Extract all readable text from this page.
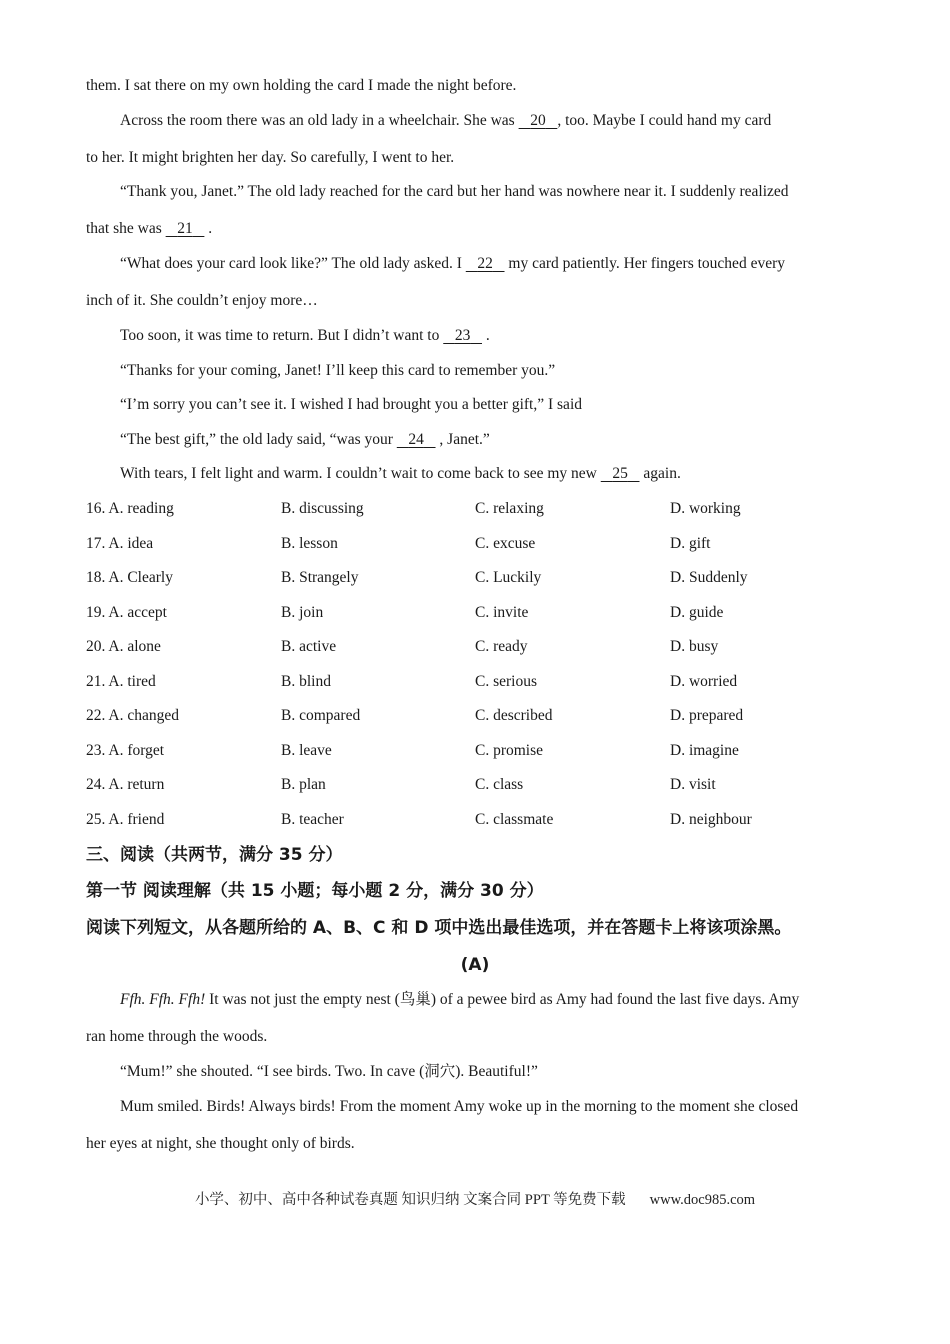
them. I sat there on my own holding the card I made the night before.
Across the room there was an old lady in a wheelchair. She was    20 , too. Maybe I could hand my card
to her. It might brighten her day. So carefully, I went to her.
“Thank you, Janet.” The old lady reached for the card but her hand was nowhere near it. I suddenly realized
that she was    21    .
“What does your card look like?” The old lady asked. I    22    my card patiently. Her fingers touched every
inch of it. She couldn’t enjoy more…
Too soon, it was time to return. But I didn’t want to    23    .
“Thanks for your coming, Janet! I’ll keep this card to remember you.”
“I’m sorry you can’t see it. I wished I had brought you a better gift,” I said
“The best gift,” the old lady said, “was your    24    , Janet.”
With tears, I felt light and warm. I couldn’t wait to come back to see my new    25    again.
16. A. reading	B. discussing	C. relaxing	D. working
17. A. idea	B. lesson	C. excuse	D. gift
18. A. Clearly	B. Strangely	C. Luckily	D. Suddenly
19. A. accept	B. join	C. invite	D. guide
20. A. alone	B. active	C. ready	D. busy
21. A. tired	B. blind	C. serious	D. worried
22. A. changed	B. compared	C. described	D. prepared
23. A. forget	B. leave	C. promise	D. imagine
24. A. return	B. plan	C. class	D. visit
25. A. friend	B. teacher	C. classmate	D. neighbour
三、阅读（共两节，满分 35 分）
第一节 阅读理解（共 15 小题；每小题 2 分，满分 30 分）
阅读下列短文，从各题所给的 A、B、C 和 D 项中选出最佳选项，并在答题卡上将该项涂黑。
(A)
Ffh. Ffh. Ffh! It was not just the empty nest (鸟巢) of a pewee bird as Amy had found the last five days. Amy
ran home through the woods.
“Mum!” she shouted. “I see birds. Two. In cave (洞穴). Beautiful!”
Mum smiled. Birds! Always birds! From the moment Amy woke up in the morning to the moment she closed
her eyes at night, she thought only of birds.
小学、初中、高中各种试卷真题 知识归纳 文案合同 PPT 等免费下载 www.doc985.com
